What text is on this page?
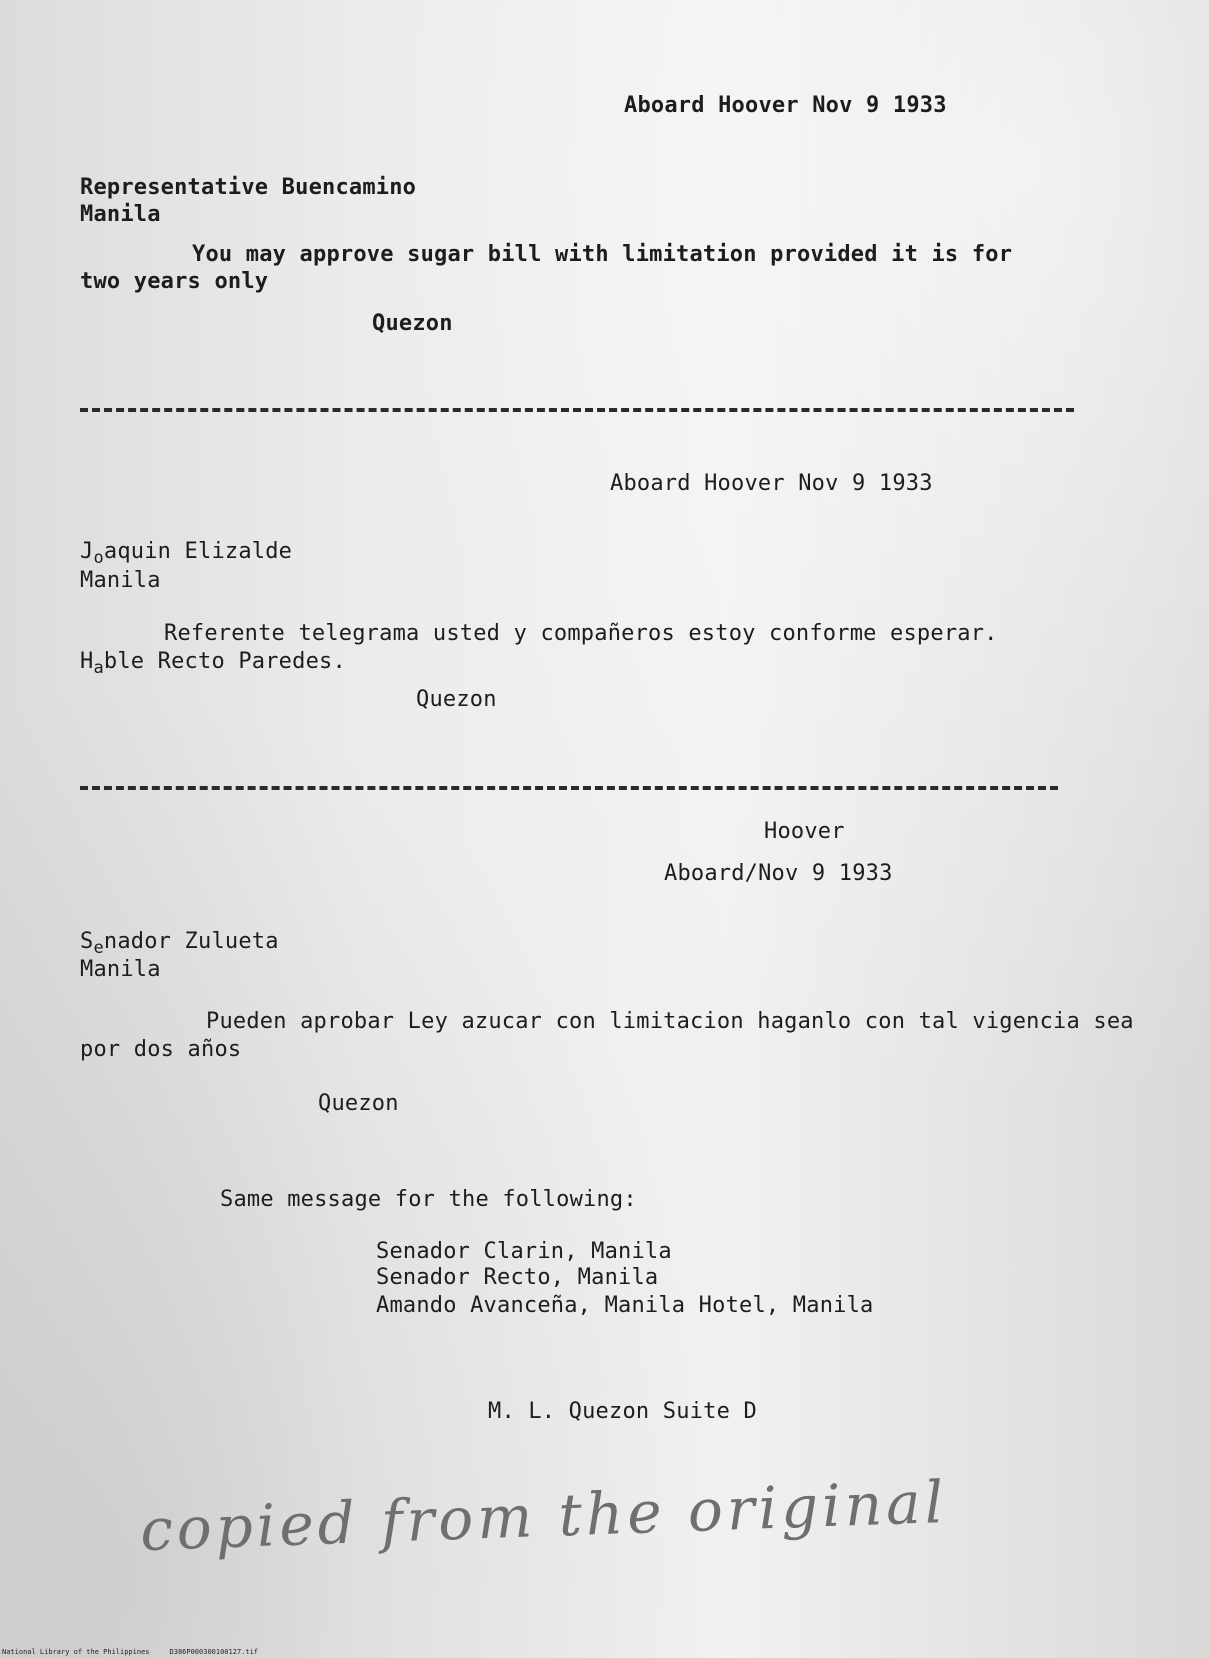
Aboard Hoover Nov 9 1933
Representative Buencamino
Manila
You may approve sugar bill with limitation provided it is for
two years only
Quezon
Aboard Hoover Nov 9 1933
$J_oaquin$ Elizalde
Manila
Referente telegrama usted y compañeros estoy conforme esperar.
$H_able$ Recto Paredes.
Quezon
Hoover
Aboard/Nov 9 1933
$S_enador$ Zulueta
Manila
Pueden aprobar Ley azucar con limitacion haganlo con tal vigencia sea
por dos años
Quezon
Same message for the following:
Senador Clarin, Manila
Senador Recto, Manila
Amando Avanceña, Manila Hotel, Manila
M. L. Quezon Suite D
copied from the original
National Library of the Philippines	D386P000300100127.tif
